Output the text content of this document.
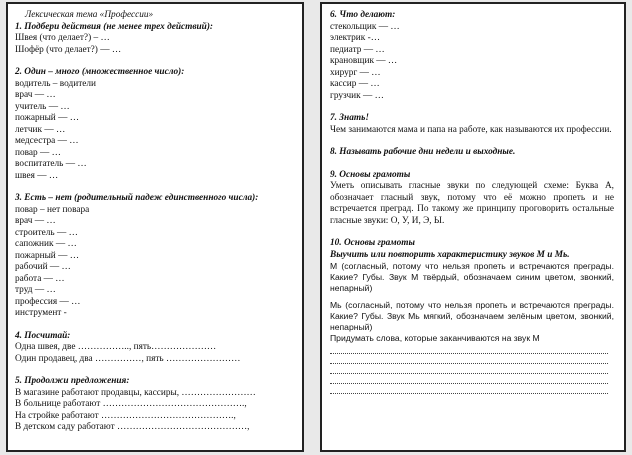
Лексическая тема «Профессии»
1. Подбери действия (не менее трех действий):
Швея (что делает?) – …
Шофёр (что делает?) — …
2. Один – много (множественное число):
водитель – водители
врач — …
учитель — …
пожарный — …
летчик — …
медсестра — …
повар — …
воспитатель — …
швея — …
3. Есть – нет (родительный падеж единственного числа):
повар – нет повара
врач — …
строитель — …
сапожник — …
пожарный — …
рабочий — …
работа — …
труд — …
профессия — …
инструмент -
4. Посчитай:
Одна швея, две …………….., пять…………………
Один продавец, два ……………, пять ……………………
5. Продолжи предложения:
В магазине работают продавцы, кассиры, ……………………
В больнице работают ……………………………………….,
На стройке работают …………………………………….,
В детском саду работают ……………………………………,
6. Что делают:
стекольщик — …
электрик -…
педиатр — …
крановщик — …
хирург — …
кассир — …
грузчик — …
7. Знать!
Чем занимаются мама и папа на работе, как называются их профессии.
8. Называть рабочие дни недели и выходные.
9. Основы грамоты
Уметь описывать гласные звуки по следующей схеме: Буква А, обозначает гласный звук, потому что её можно пропеть и не встречается преград. По такому же принципу проговорить остальные гласные звуки: О, У, И, Э, Ы.
10. Основы грамоты
Выучить или повторить характеристику звуков М и Мь.
М (согласный, потому что нельзя пропеть и встречаются преграды. Какие? Губы. Звук М твёрдый, обозначаем синим цветом, звонкий, непарный)
Мь (согласный, потому что нельзя пропеть и встречаются преграды. Какие? Губы. Звук Мь мягкий, обозначаем зелёным цветом, звонкий, непарный)
Придумать слова, которые заканчиваются на звук М
